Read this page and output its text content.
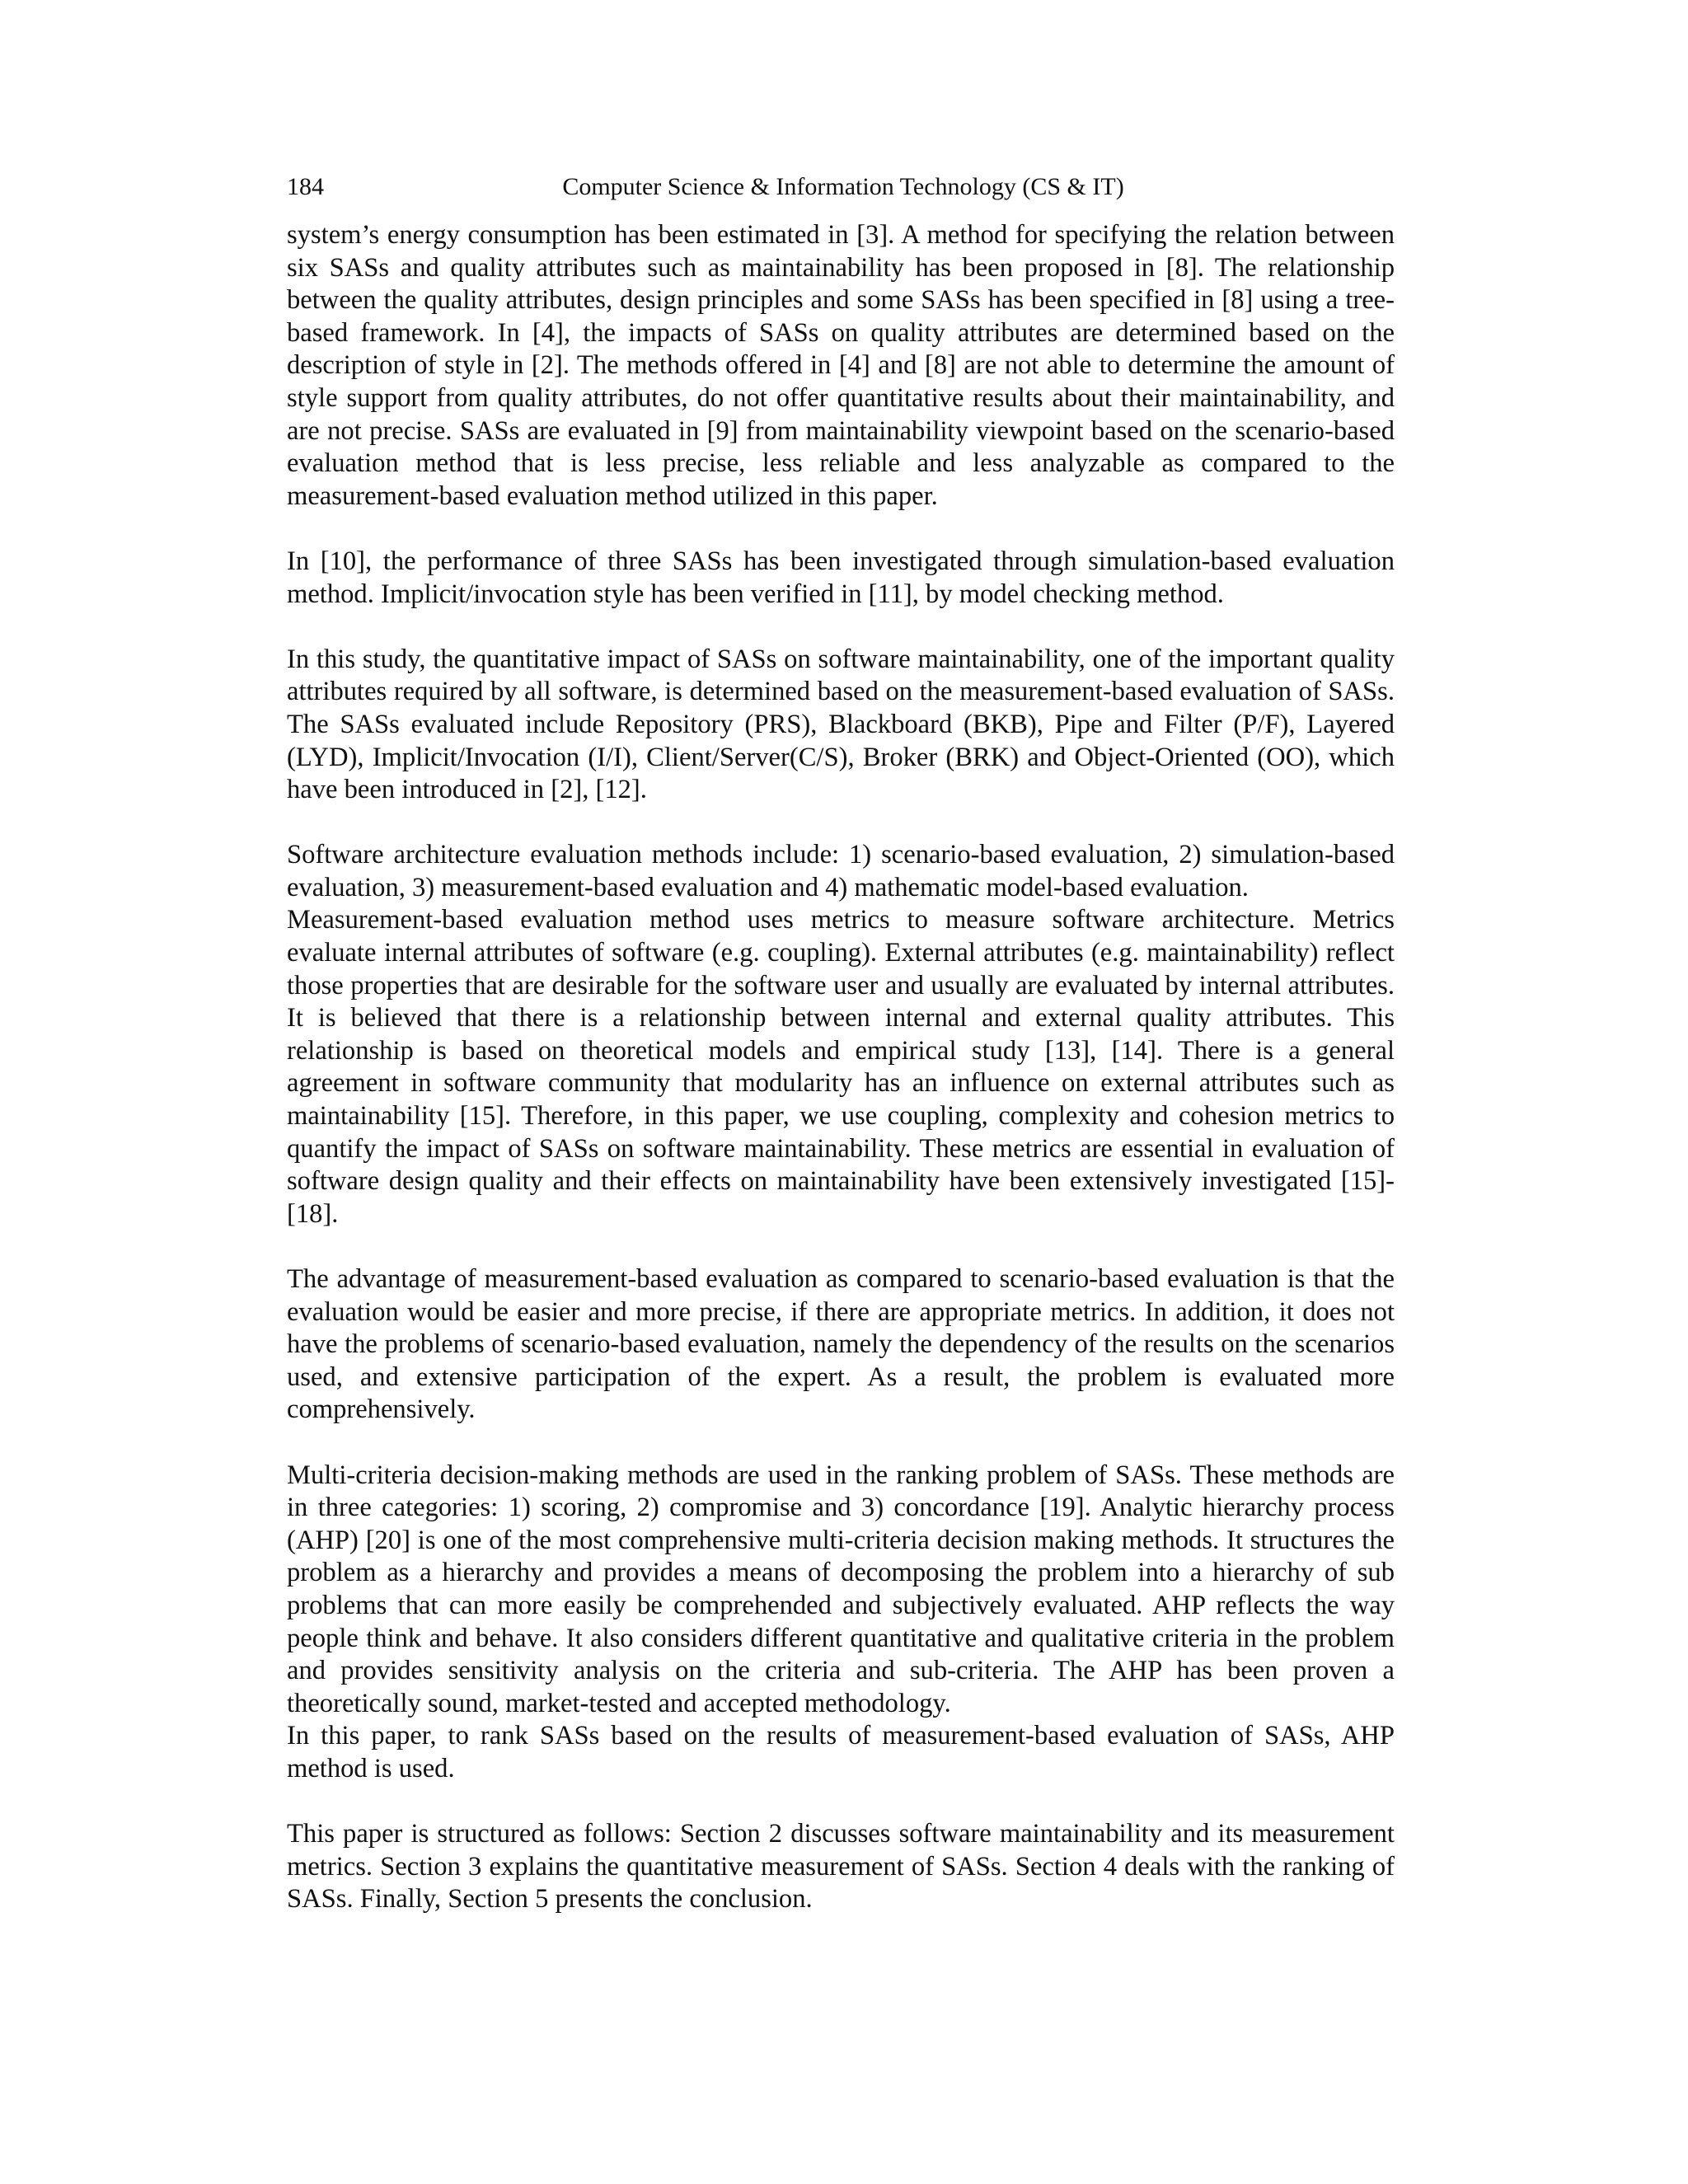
184	Computer Science & Information Technology (CS & IT)

system’s energy consumption has been estimated in [3]. A method for specifying the relation between six SASs and quality attributes such as maintainability has been proposed in [8]. The relationship between the quality attributes, design principles and some SASs has been specified in [8] using a tree-based framework. In [4], the impacts of SASs on quality attributes are determined based on the description of style in [2]. The methods offered in [4] and [8] are not able to determine the amount of style support from quality attributes, do not offer quantitative results about their maintainability, and are not precise. SASs are evaluated in [9] from maintainability viewpoint based on the scenario-based evaluation method that is less precise, less reliable and less analyzable as compared to the measurement-based evaluation method utilized in this paper.

In [10], the performance of three SASs has been investigated through simulation-based evaluation method. Implicit/invocation style has been verified in [11], by model checking method.

In this study, the quantitative impact of SASs on software maintainability, one of the important quality attributes required by all software, is determined based on the measurement-based evaluation of SASs. The SASs evaluated include Repository (PRS), Blackboard (BKB), Pipe and Filter (P/F), Layered (LYD), Implicit/Invocation (I/I), Client/Server(C/S), Broker (BRK) and Object-Oriented (OO), which have been introduced in [2], [12].

Software architecture evaluation methods include: 1) scenario-based evaluation, 2) simulation-based evaluation, 3) measurement-based evaluation and 4) mathematic model-based evaluation.

Measurement-based evaluation method uses metrics to measure software architecture. Metrics evaluate internal attributes of software (e.g. coupling). External attributes (e.g. maintainability) reflect those properties that are desirable for the software user and usually are evaluated by internal attributes. It is believed that there is a relationship between internal and external quality attributes. This relationship is based on theoretical models and empirical study [13], [14]. There is a general agreement in software community that modularity has an influence on external attributes such as maintainability [15]. Therefore, in this paper, we use coupling, complexity and cohesion metrics to quantify the impact of SASs on software maintainability. These metrics are essential in evaluation of software design quality and their effects on maintainability have been extensively investigated [15]-[18].

The advantage of measurement-based evaluation as compared to scenario-based evaluation is that the evaluation would be easier and more precise, if there are appropriate metrics. In addition, it does not have the problems of scenario-based evaluation, namely the dependency of the results on the scenarios used, and extensive participation of the expert. As a result, the problem is evaluated more comprehensively.

Multi-criteria decision-making methods are used in the ranking problem of SASs. These methods are in three categories: 1) scoring, 2) compromise and 3) concordance [19]. Analytic hierarchy process (AHP) [20] is one of the most comprehensive multi-criteria decision making methods. It structures the problem as a hierarchy and provides a means of decomposing the problem into a hierarchy of sub problems that can more easily be comprehended and subjectively evaluated. AHP reflects the way people think and behave. It also considers different quantitative and qualitative criteria in the problem and provides sensitivity analysis on the criteria and sub-criteria. The AHP has been proven a theoretically sound, market-tested and accepted methodology.

In this paper, to rank SASs based on the results of measurement-based evaluation of SASs, AHP method is used.

This paper is structured as follows: Section 2 discusses software maintainability and its measurement metrics. Section 3 explains the quantitative measurement of SASs. Section 4 deals with the ranking of SASs. Finally, Section 5 presents the conclusion.
